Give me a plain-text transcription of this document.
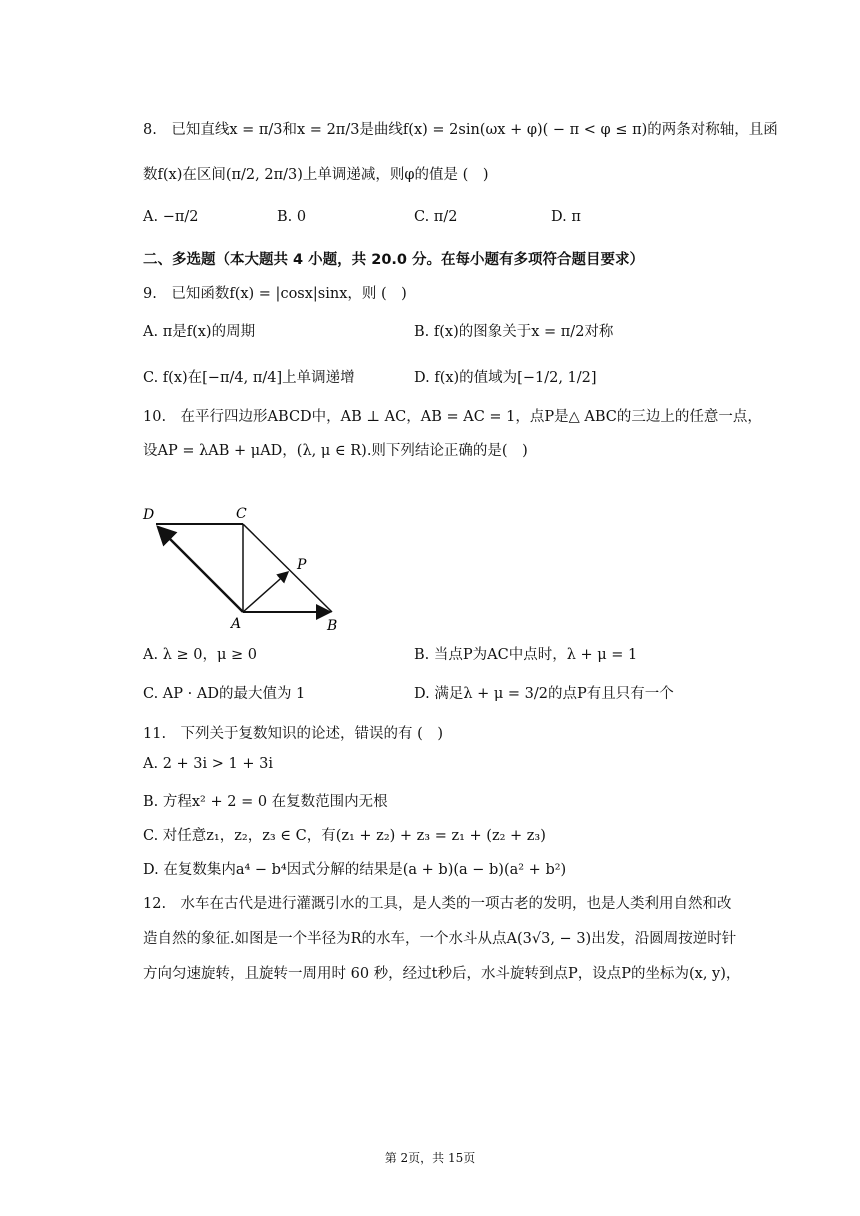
8.　已知直线x = π/3和x = 2π/3是曲线f(x) = 2sin(ωx + φ)( − π < φ ≤ π)的两条对称轴，且函
数f(x)在区间(π/2, 2π/3)上单调递减，则φ的值是 (　)
A. −π/2	B. 0	C. π/2	D. π
二、多选题（本大题共 4 小题，共 20.0 分。在每小题有多项符合题目要求）
9.　已知函数f(x) = |cosx|sinx，则 (　)
A. π是f(x)的周期	B. f(x)的图象关于x = π/2对称
C. f(x)在[−π/4, π/4]上单调递增	D. f(x)的值域为[−1/2, 1/2]
10.　在平行四边形ABCD中，AB ⊥ AC，AB = AC = 1，点P是△ ABC的三边上的任意一点，
设AP = λAB + μAD，(λ, μ ∈ R).则下列结论正确的是(　)
D	C
P
A	B
A. λ ≥ 0，μ ≥ 0	B. 当点P为AC中点时，λ + μ = 1
C. AP · AD的最大值为 1	D. 满足λ + μ = 3/2的点P有且只有一个
11.　下列关于复数知识的论述，错误的有 (　)
A. 2 + 3i > 1 + 3i
B. 方程x² + 2 = 0 在复数范围内无根
C. 对任意z₁，z₂，z₃ ∈ C，有(z₁ + z₂) + z₃ = z₁ + (z₂ + z₃)
D. 在复数集内a⁴ − b⁴因式分解的结果是(a + b)(a − b)(a² + b²)
12.　水车在古代是进行灌溉引水的工具，是人类的一项古老的发明，也是人类利用自然和改
造自然的象征.如图是一个半径为R的水车，一个水斗从点A(3√3, − 3)出发，沿圆周按逆时针
方向匀速旋转，且旋转一周用时 60 秒，经过t秒后，水斗旋转到点P，设点P的坐标为(x, y)，
第 2页，共 15页
